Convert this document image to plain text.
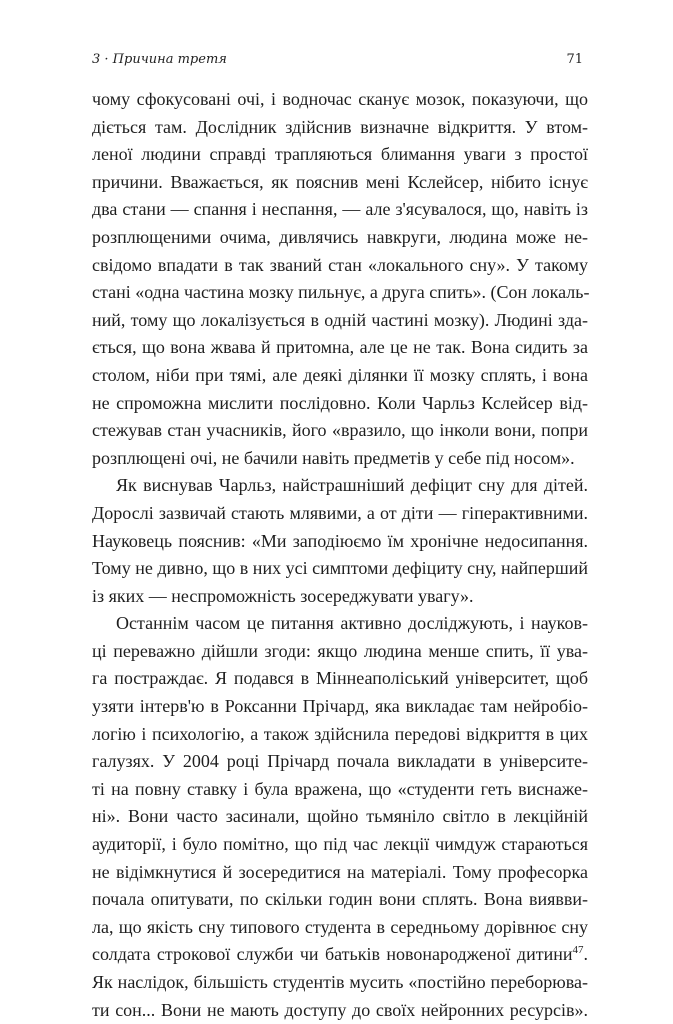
3 · Причина третя	71
чому сфокусовані очі, і водночас сканує мозок, показуючи, що
діється там. Дослідник здійснив визначне відкриття. У втом-
леної людини справді трапляються блимання уваги з простої
причини. Вважається, як пояснив мені Кслейсер, нібито існує
два стани — спання і неспання, — але з'ясувалося, що, навіть із
розплющеними очима, дивлячись навкруги, людина може не-
свідомо впадати в так званий стан «локального сну». У такому
стані «одна частина мозку пильнує, а друга спить». (Сон локаль-
ний, тому що локалізується в одній частині мозку). Людині зда-
ється, що вона жвава й притомна, але це не так. Вона сидить за
столом, ніби при тямі, але деякі ділянки її мозку сплять, і вона
не спроможна мислити послідовно. Коли Чарльз Кслейсер від-
стежував стан учасників, його «вразило, що інколи вони, попри
розплющені очі, не бачили навіть предметів у себе під носом».
Як виснував Чарльз, найстрашніший дефіцит сну для дітей.
Дорослі зазвичай стають млявими, а от діти — гіперактивними.
Науковець пояснив: «Ми заподіюємо їм хронічне недосипання.
Тому не дивно, що в них усі симптоми дефіциту сну, найперший
із яких — неспроможність зосереджувати увагу».
Останнім часом це питання активно досліджують, і науков-
ці переважно дійшли згоди: якщо людина менше спить, її ува-
га постраждає. Я подався в Міннеаполіський університет, щоб
узяти інтерв'ю в Роксанни Прічард, яка викладає там нейробіо-
логію і психологію, а також здійснила передові відкриття в цих
галузях. У 2004 році Прічард почала викладати в університе-
ті на повну ставку і була вражена, що «студенти геть виснаже-
ні». Вони часто засинали, щойно тьмяніло світло в лекційній
аудиторії, і було помітно, що під час лекції чимдуж стараються
не відімкнутися й зосередитися на матеріалі. Тому професорка
почала опитувати, по скільки годин вони сплять. Вона виявви-
ла, що якість сну типового студента в середньому дорівнює сну
солдата строкової служби чи батьків новонародженої дитини$^{47}$.
Як наслідок, більшість студентів мусить «постійно переборюва-
ти сон... Вони не мають доступу до своїх нейронних ресурсів».
